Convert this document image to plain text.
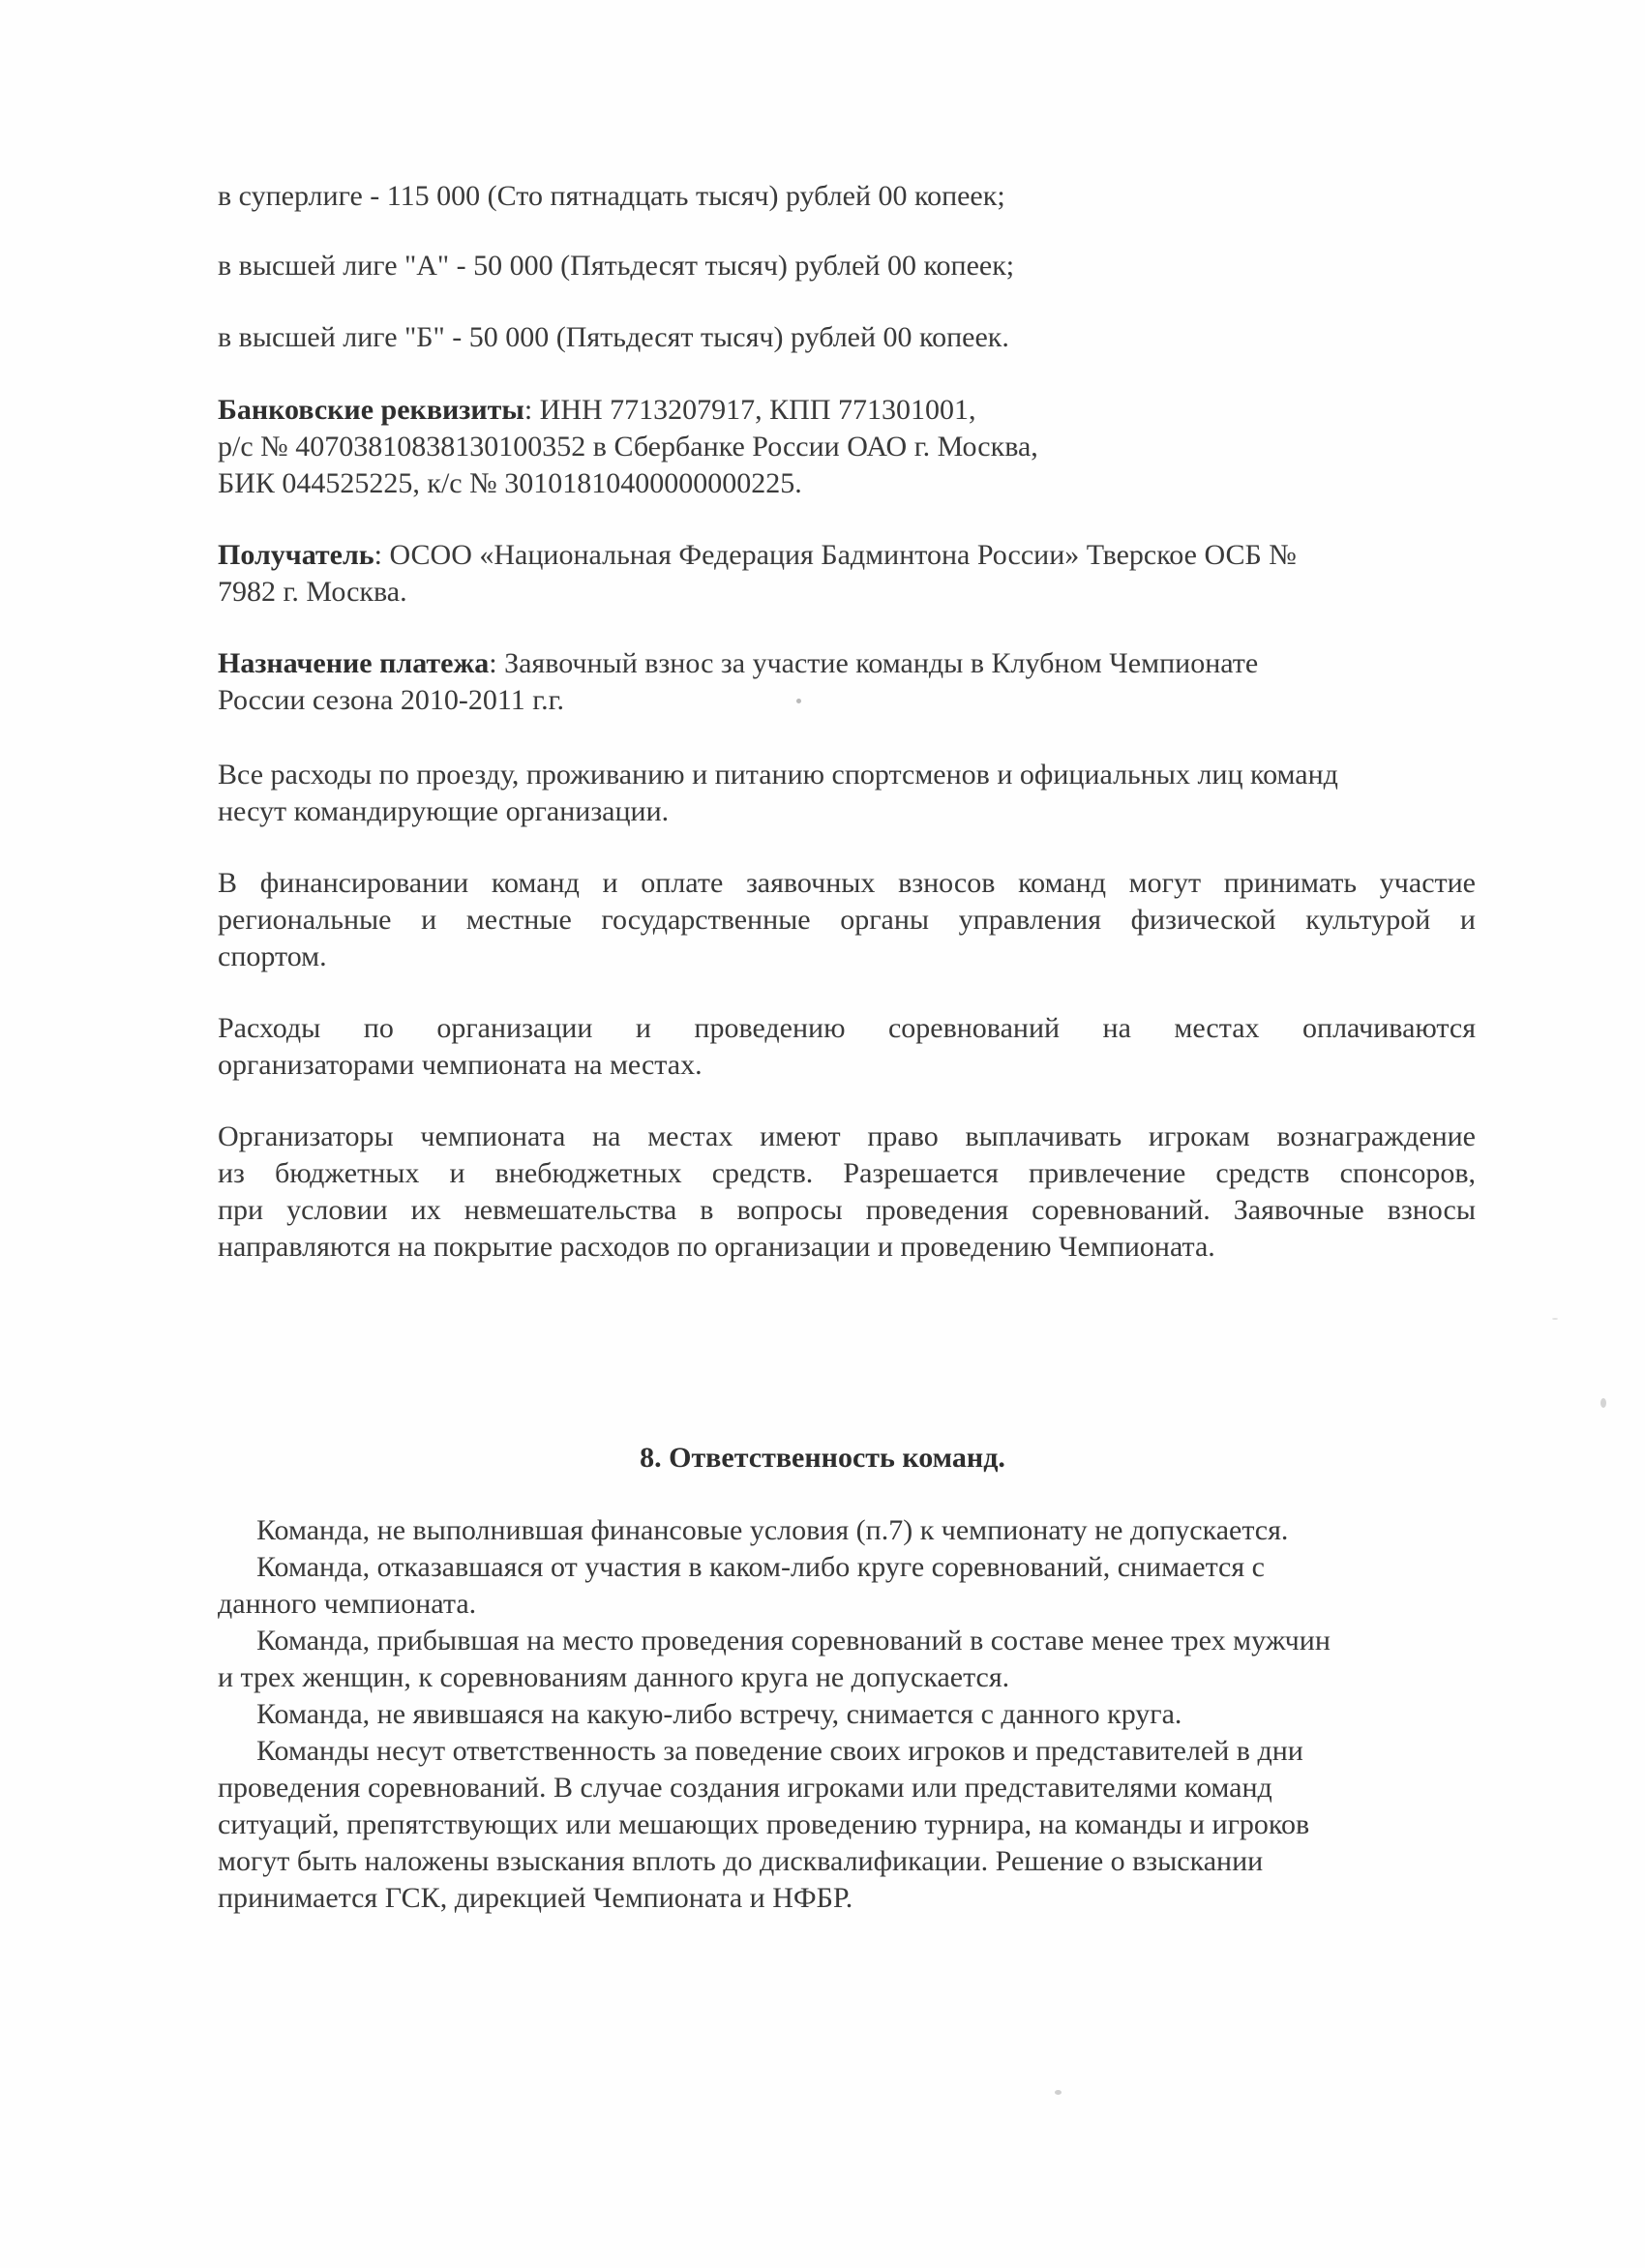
в суперлиге - 115 000 (Сто пятнадцать тысяч) рублей 00 копеек;
в высшей лиге "А" - 50 000 (Пятьдесят тысяч) рублей 00 копеек;
в высшей лиге "Б" - 50 000 (Пятьдесят тысяч) рублей 00 копеек.
Банковские реквизиты: ИНН 7713207917, КПП 771301001,
р/с № 40703810838130100352 в Сбербанке России ОАО г. Москва,
БИК 044525225, к/с № 30101810400000000225.
Получатель: ОСОО «Национальная Федерация Бадминтона России» Тверское ОСБ №
7982 г. Москва.
Назначение платежа: Заявочный взнос за участие команды в Клубном Чемпионате
России сезона 2010-2011 г.г.
Все расходы по проезду, проживанию и питанию спортсменов и официальных лиц команд
несут командирующие организации.
В финансировании команд и оплате заявочных взносов команд могут принимать участие
региональные и местные государственные органы управления физической культурой и
спортом.
Расходы по организации и проведению соревнований на местах оплачиваются
организаторами чемпионата на местах.
Организаторы чемпионата на местах имеют право выплачивать игрокам вознаграждение
из бюджетных и внебюджетных средств. Разрешается привлечение средств спонсоров,
при условии их невмешательства в вопросы проведения соревнований. Заявочные взносы
направляются на покрытие расходов по организации и проведению Чемпионата.
8. Ответственность команд.
Команда, не выполнившая финансовые условия (п.7) к чемпионату не допускается.
Команда, отказавшаяся от участия в каком-либо круге соревнований, снимается с
данного чемпионата.
Команда, прибывшая на место проведения соревнований в составе менее трех мужчин
и трех женщин, к соревнованиям данного круга не допускается.
Команда, не явившаяся на какую-либо встречу, снимается с данного круга.
Команды несут ответственность за поведение своих игроков и представителей в дни
проведения соревнований. В случае создания игроками или представителями команд
ситуаций, препятствующих или мешающих проведению турнира, на команды и игроков
могут быть наложены взыскания вплоть до дисквалификации. Решение о взыскании
принимается ГСК, дирекцией Чемпионата и НФБР.
